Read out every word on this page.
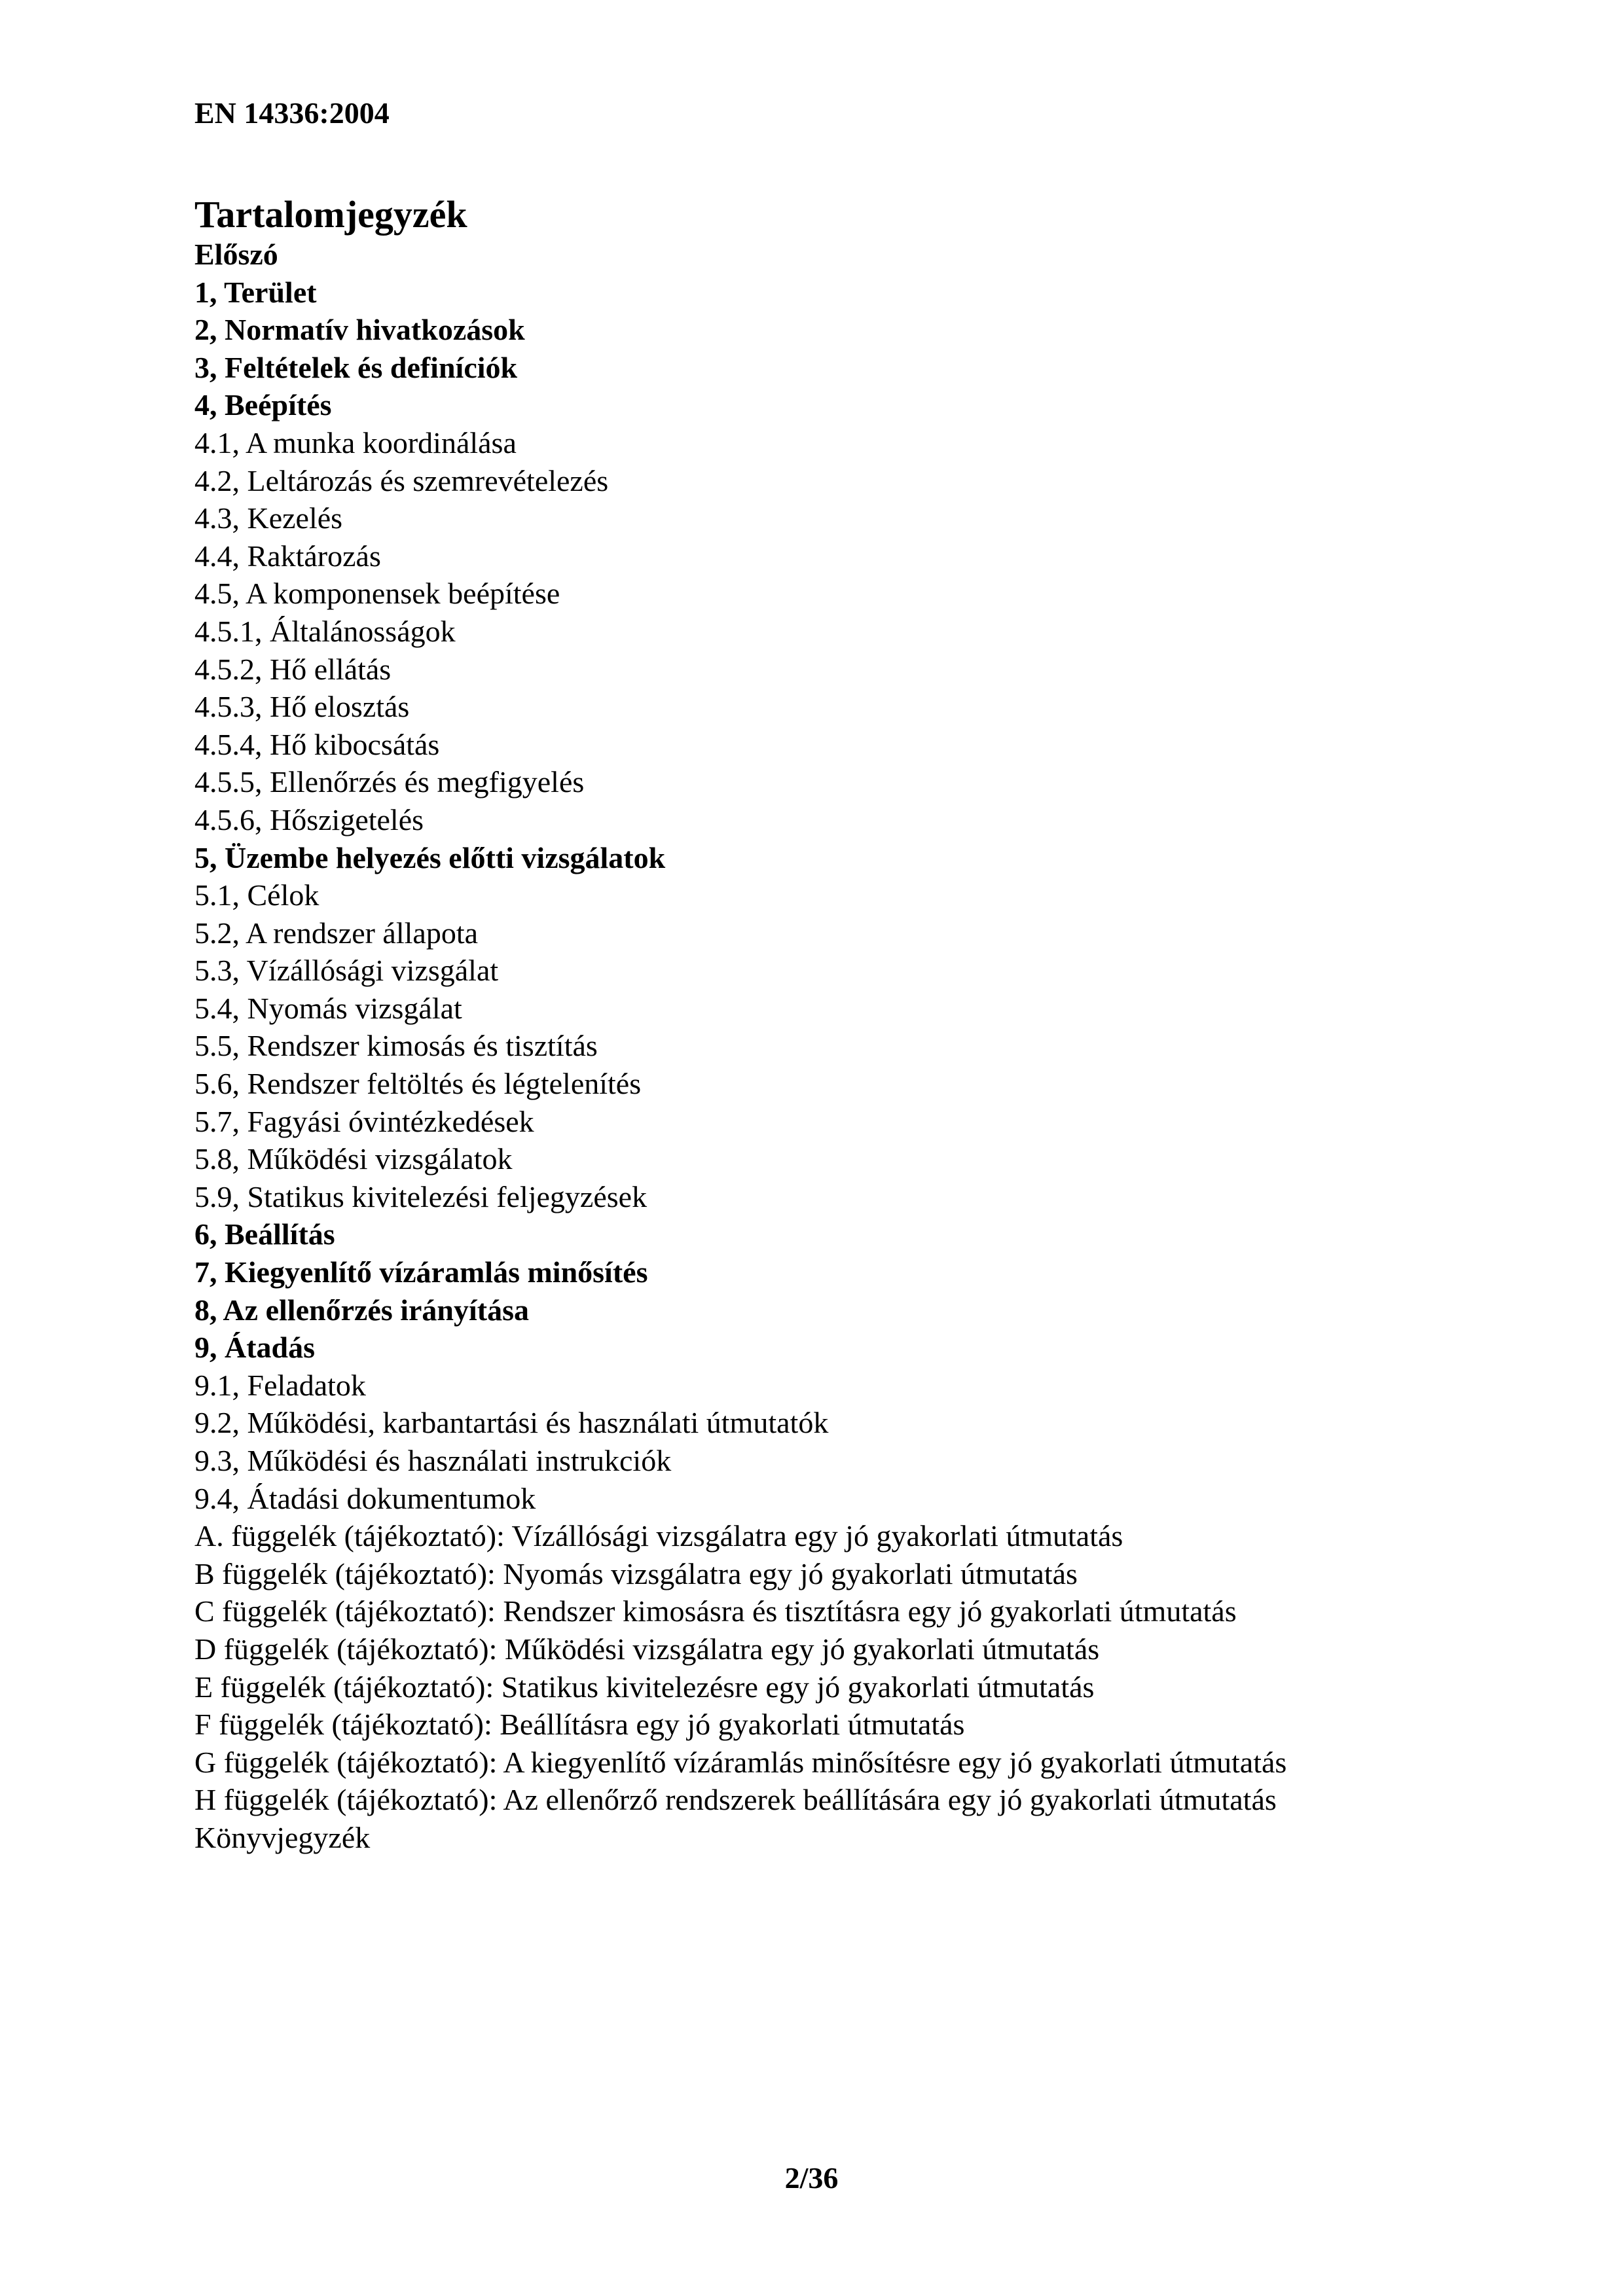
EN 14336:2004
Tartalomjegyzék
Előszó
1, Terület
2, Normatív hivatkozások
3, Feltételek és definíciók
4, Beépítés
4.1, A munka koordinálása
4.2, Leltározás és szemrevételezés
4.3, Kezelés
4.4, Raktározás
4.5, A komponensek beépítése
4.5.1, Általánosságok
4.5.2, Hő ellátás
4.5.3, Hő elosztás
4.5.4, Hő kibocsátás
4.5.5, Ellenőrzés és megfigyelés
4.5.6, Hőszigetelés
5, Üzembe helyezés előtti vizsgálatok
5.1, Célok
5.2, A rendszer állapota
5.3, Vízállósági vizsgálat
5.4, Nyomás vizsgálat
5.5, Rendszer kimosás és tisztítás
5.6, Rendszer feltöltés és légtelenítés
5.7, Fagyási óvintézkedések
5.8, Működési vizsgálatok
5.9, Statikus kivitelezési feljegyzések
6, Beállítás
7, Kiegyenlítő vízáramlás minősítés
8, Az ellenőrzés irányítása
9, Átadás
9.1, Feladatok
9.2, Működési, karbantartási és használati útmutatók
9.3, Működési és használati instrukciók
9.4, Átadási dokumentumok
A. függelék (tájékoztató): Vízállósági vizsgálatra egy jó gyakorlati útmutatás
B függelék (tájékoztató): Nyomás vizsgálatra egy jó gyakorlati útmutatás
C függelék (tájékoztató): Rendszer kimosásra és tisztításra egy jó gyakorlati útmutatás
D függelék (tájékoztató): Működési vizsgálatra egy jó gyakorlati útmutatás
E függelék (tájékoztató): Statikus kivitelezésre egy jó gyakorlati útmutatás
F függelék (tájékoztató): Beállításra egy jó gyakorlati útmutatás
G függelék (tájékoztató): A kiegyenlítő vízáramlás minősítésre egy jó gyakorlati útmutatás
H függelék (tájékoztató): Az ellenőrző rendszerek beállítására egy jó gyakorlati útmutatás
Könyvjegyzék
2/36
